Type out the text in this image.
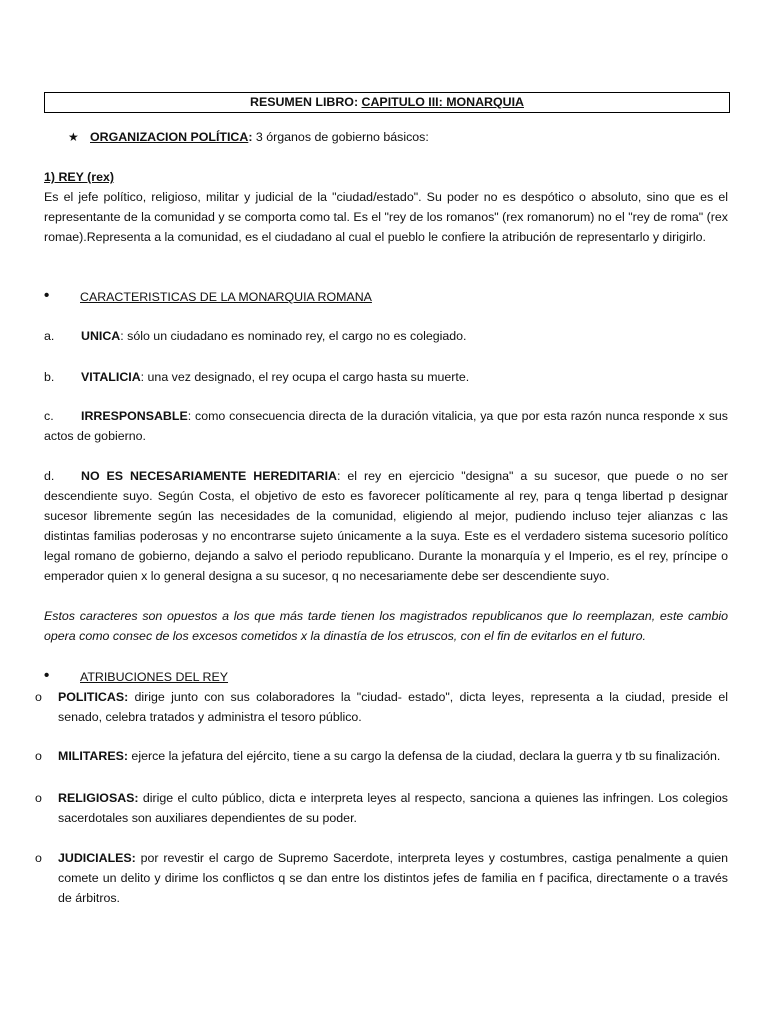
RESUMEN LIBRO: CAPITULO III: MONARQUIA
★ ORGANIZACION POLÍTICA: 3 órganos de gobierno básicos:
1) REY (rex)
Es el jefe político, religioso, militar y judicial de la "ciudad/estado". Su poder no es despótico o absoluto, sino que es el representante de la comunidad y se comporta como tal. Es el "rey de los romanos" (rex romanorum) no el "rey de roma" (rex romae).Representa a la comunidad, es el ciudadano al cual el pueblo le confiere la atribución de representarlo y dirigirlo.
• CARACTERISTICAS DE LA MONARQUIA ROMANA
a. UNICA: sólo un ciudadano es nominado rey, el cargo no es colegiado.
b. VITALICIA: una vez designado, el rey ocupa el cargo hasta su muerte.
c. IRRESPONSABLE: como consecuencia directa de la duración vitalicia, ya que por esta razón nunca responde x sus actos de gobierno.
d. NO ES NECESARIAMENTE HEREDITARIA: el rey en ejercicio "designa" a su sucesor, que puede o no ser descendiente suyo. Según Costa, el objetivo de esto es favorecer políticamente al rey, para q tenga libertad p designar sucesor libremente según las necesidades de la comunidad, eligiendo al mejor, pudiendo incluso tejer alianzas c las distintas familias poderosas y no encontrarse sujeto únicamente a la suya. Este es el verdadero sistema sucesorio político legal romano de gobierno, dejando a salvo el periodo republicano. Durante la monarquía y el Imperio, es el rey, príncipe o emperador quien x lo general designa a su sucesor, q no necesariamente debe ser descendiente suyo.
Estos caracteres son opuestos a los que más tarde tienen los magistrados republicanos que lo reemplazan, este cambio opera como consec de los excesos cometidos x la dinastía de los etruscos, con el fin de evitarlos en el futuro.
• ATRIBUCIONES DEL REY
o POLITICAS: dirige junto con sus colaboradores la "ciudad- estado", dicta leyes, representa a la ciudad, preside el senado, celebra tratados y administra el tesoro público.
o MILITARES: ejerce la jefatura del ejército, tiene a su cargo la defensa de la ciudad, declara la guerra y tb su finalización.
o RELIGIOSAS: dirige el culto público, dicta e interpreta leyes al respecto, sanciona a quienes las infringen. Los colegios sacerdotales son auxiliares dependientes de su poder.
o JUDICIALES: por revestir el cargo de Supremo Sacerdote, interpreta leyes y costumbres, castiga penalmente a quien comete un delito y dirime los conflictos q se dan entre los distintos jefes de familia en f pacifica, directamente o a través de árbitros.
